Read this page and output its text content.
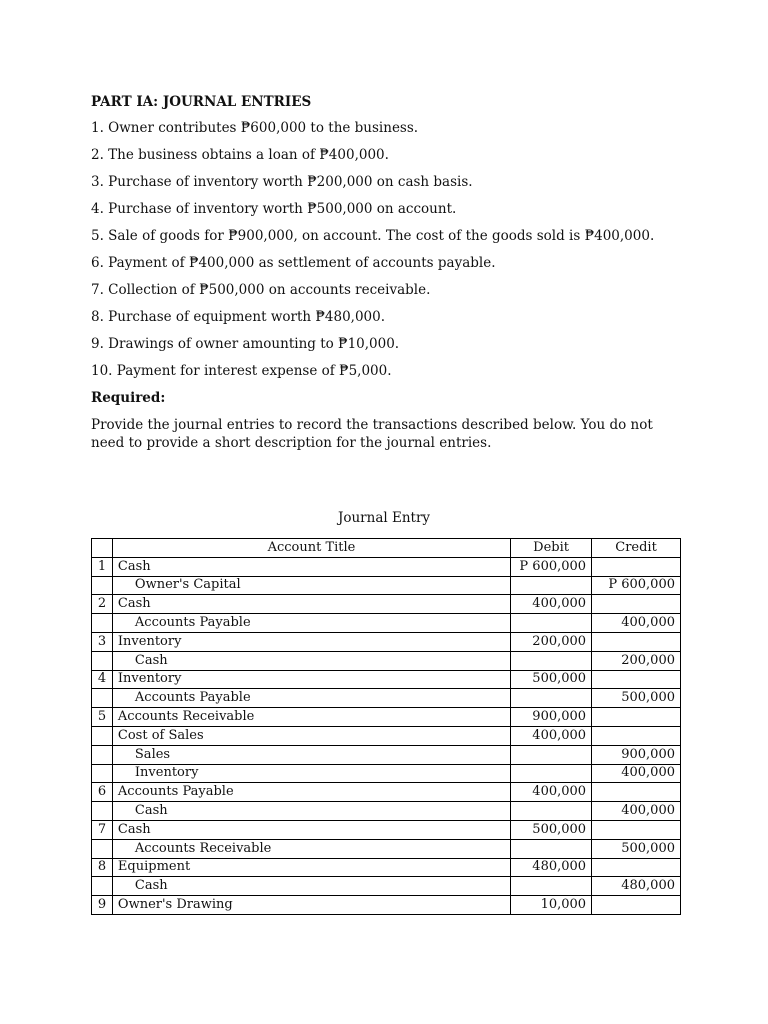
PART IA: JOURNAL ENTRIES
1. Owner contributes ₱600,000 to the business.
2. The business obtains a loan of ₱400,000.
3. Purchase of inventory worth ₱200,000 on cash basis.
4. Purchase of inventory worth ₱500,000 on account.
5. Sale of goods for ₱900,000, on account. The cost of the goods sold is ₱400,000.
6. Payment of ₱400,000 as settlement of accounts payable.
7. Collection of ₱500,000 on accounts receivable.
8. Purchase of equipment worth ₱480,000.
9. Drawings of owner amounting to ₱10,000.
10. Payment for interest expense of ₱5,000.
Required:

Provide the journal entries to record the transactions described below. You do not need to provide a short description for the journal entries.

Journal Entry
	Account Title	Debit	Credit
1	Cash	P 600,000	
	Owner's Capital		P 600,000
2	Cash	400,000	
	Accounts Payable		400,000
3	Inventory	200,000	
	Cash		200,000
4	Inventory	500,000	
	Accounts Payable		500,000
5	Accounts Receivable	900,000	
	Cost of Sales	400,000	
	Sales		900,000
	Inventory		400,000
6	Accounts Payable	400,000	
	Cash		400,000
7	Cash	500,000	
	Accounts Receivable		500,000
8	Equipment	480,000	
	Cash		480,000
9	Owner's Drawing	10,000	
